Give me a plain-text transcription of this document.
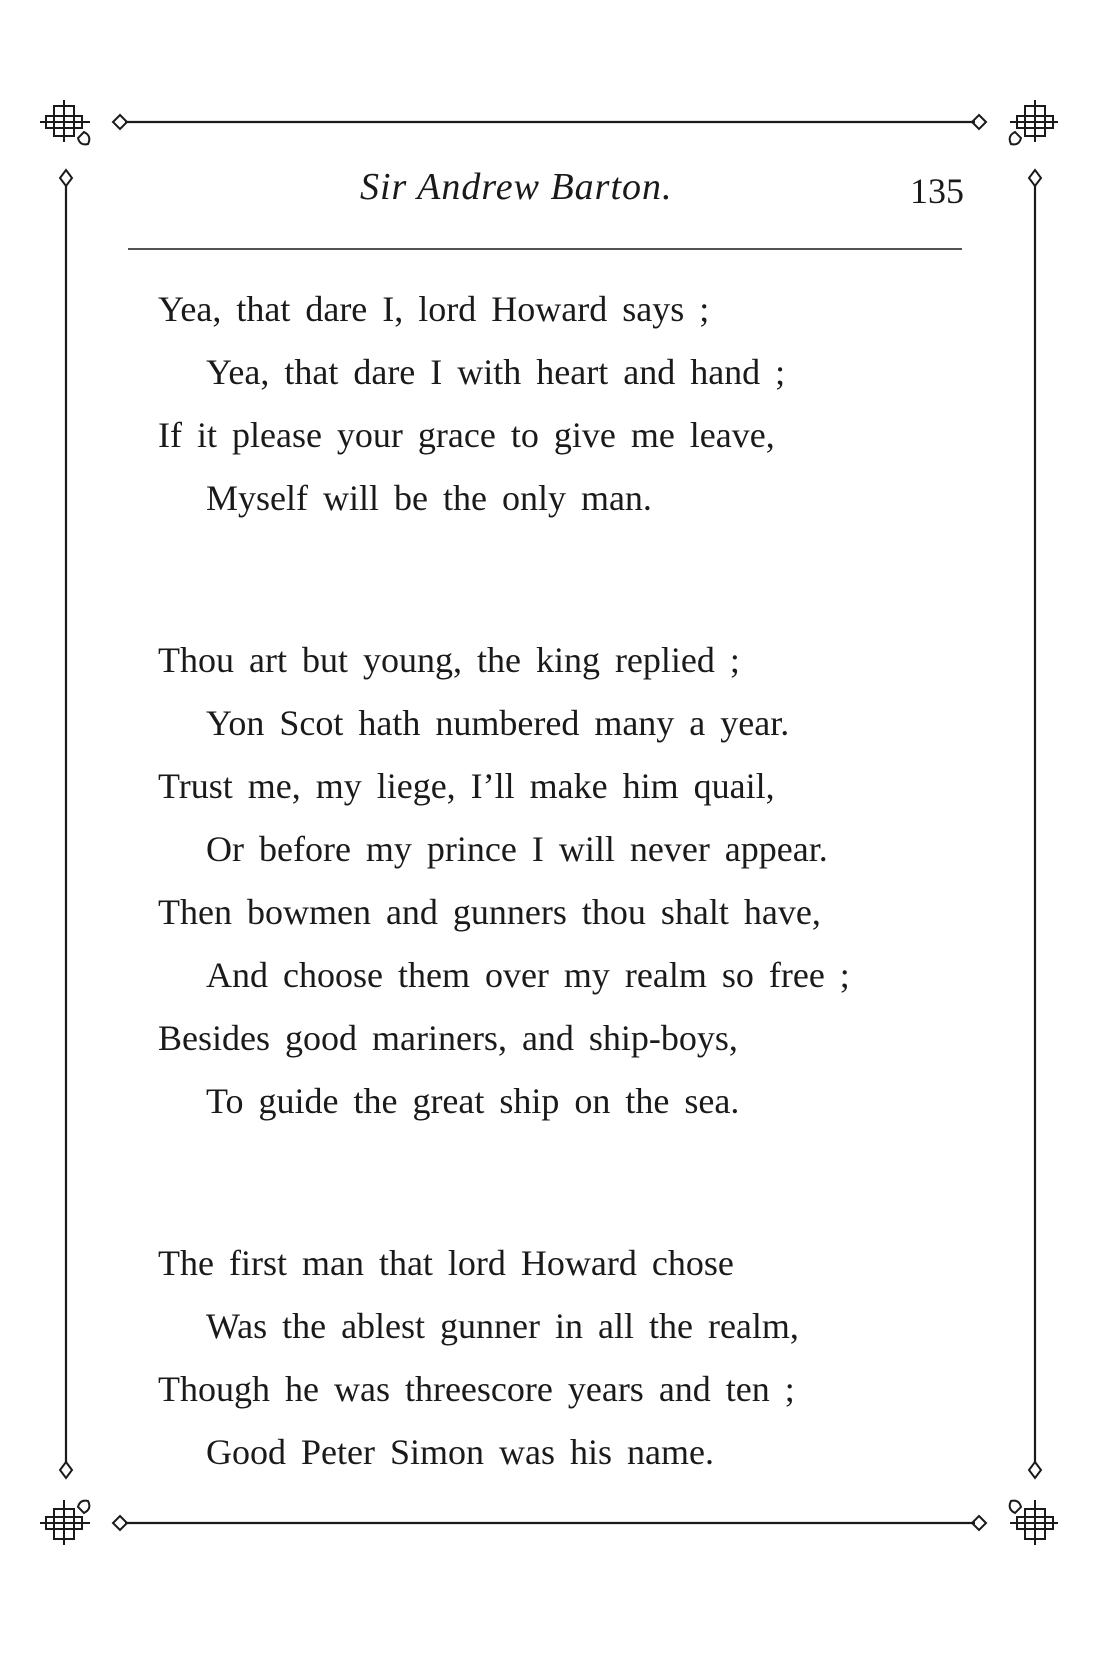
Sir Andrew Barton.	135
Yea, that dare I, lord Howard says ;
Yea, that dare I with heart and hand ;
If it please your grace to give me leave,
Myself will be the only man.
Thou art but young, the king replied ;
Yon Scot hath numbered many a year.
Trust me, my liege, I’ll make him quail,
Or before my prince I will never appear.
Then bowmen and gunners thou shalt have,
And choose them over my realm so free ;
Besides good mariners, and ship-boys,
To guide the great ship on the sea.
The first man that lord Howard chose
Was the ablest gunner in all the realm,
Though he was threescore years and ten ;
Good Peter Simon was his name.
